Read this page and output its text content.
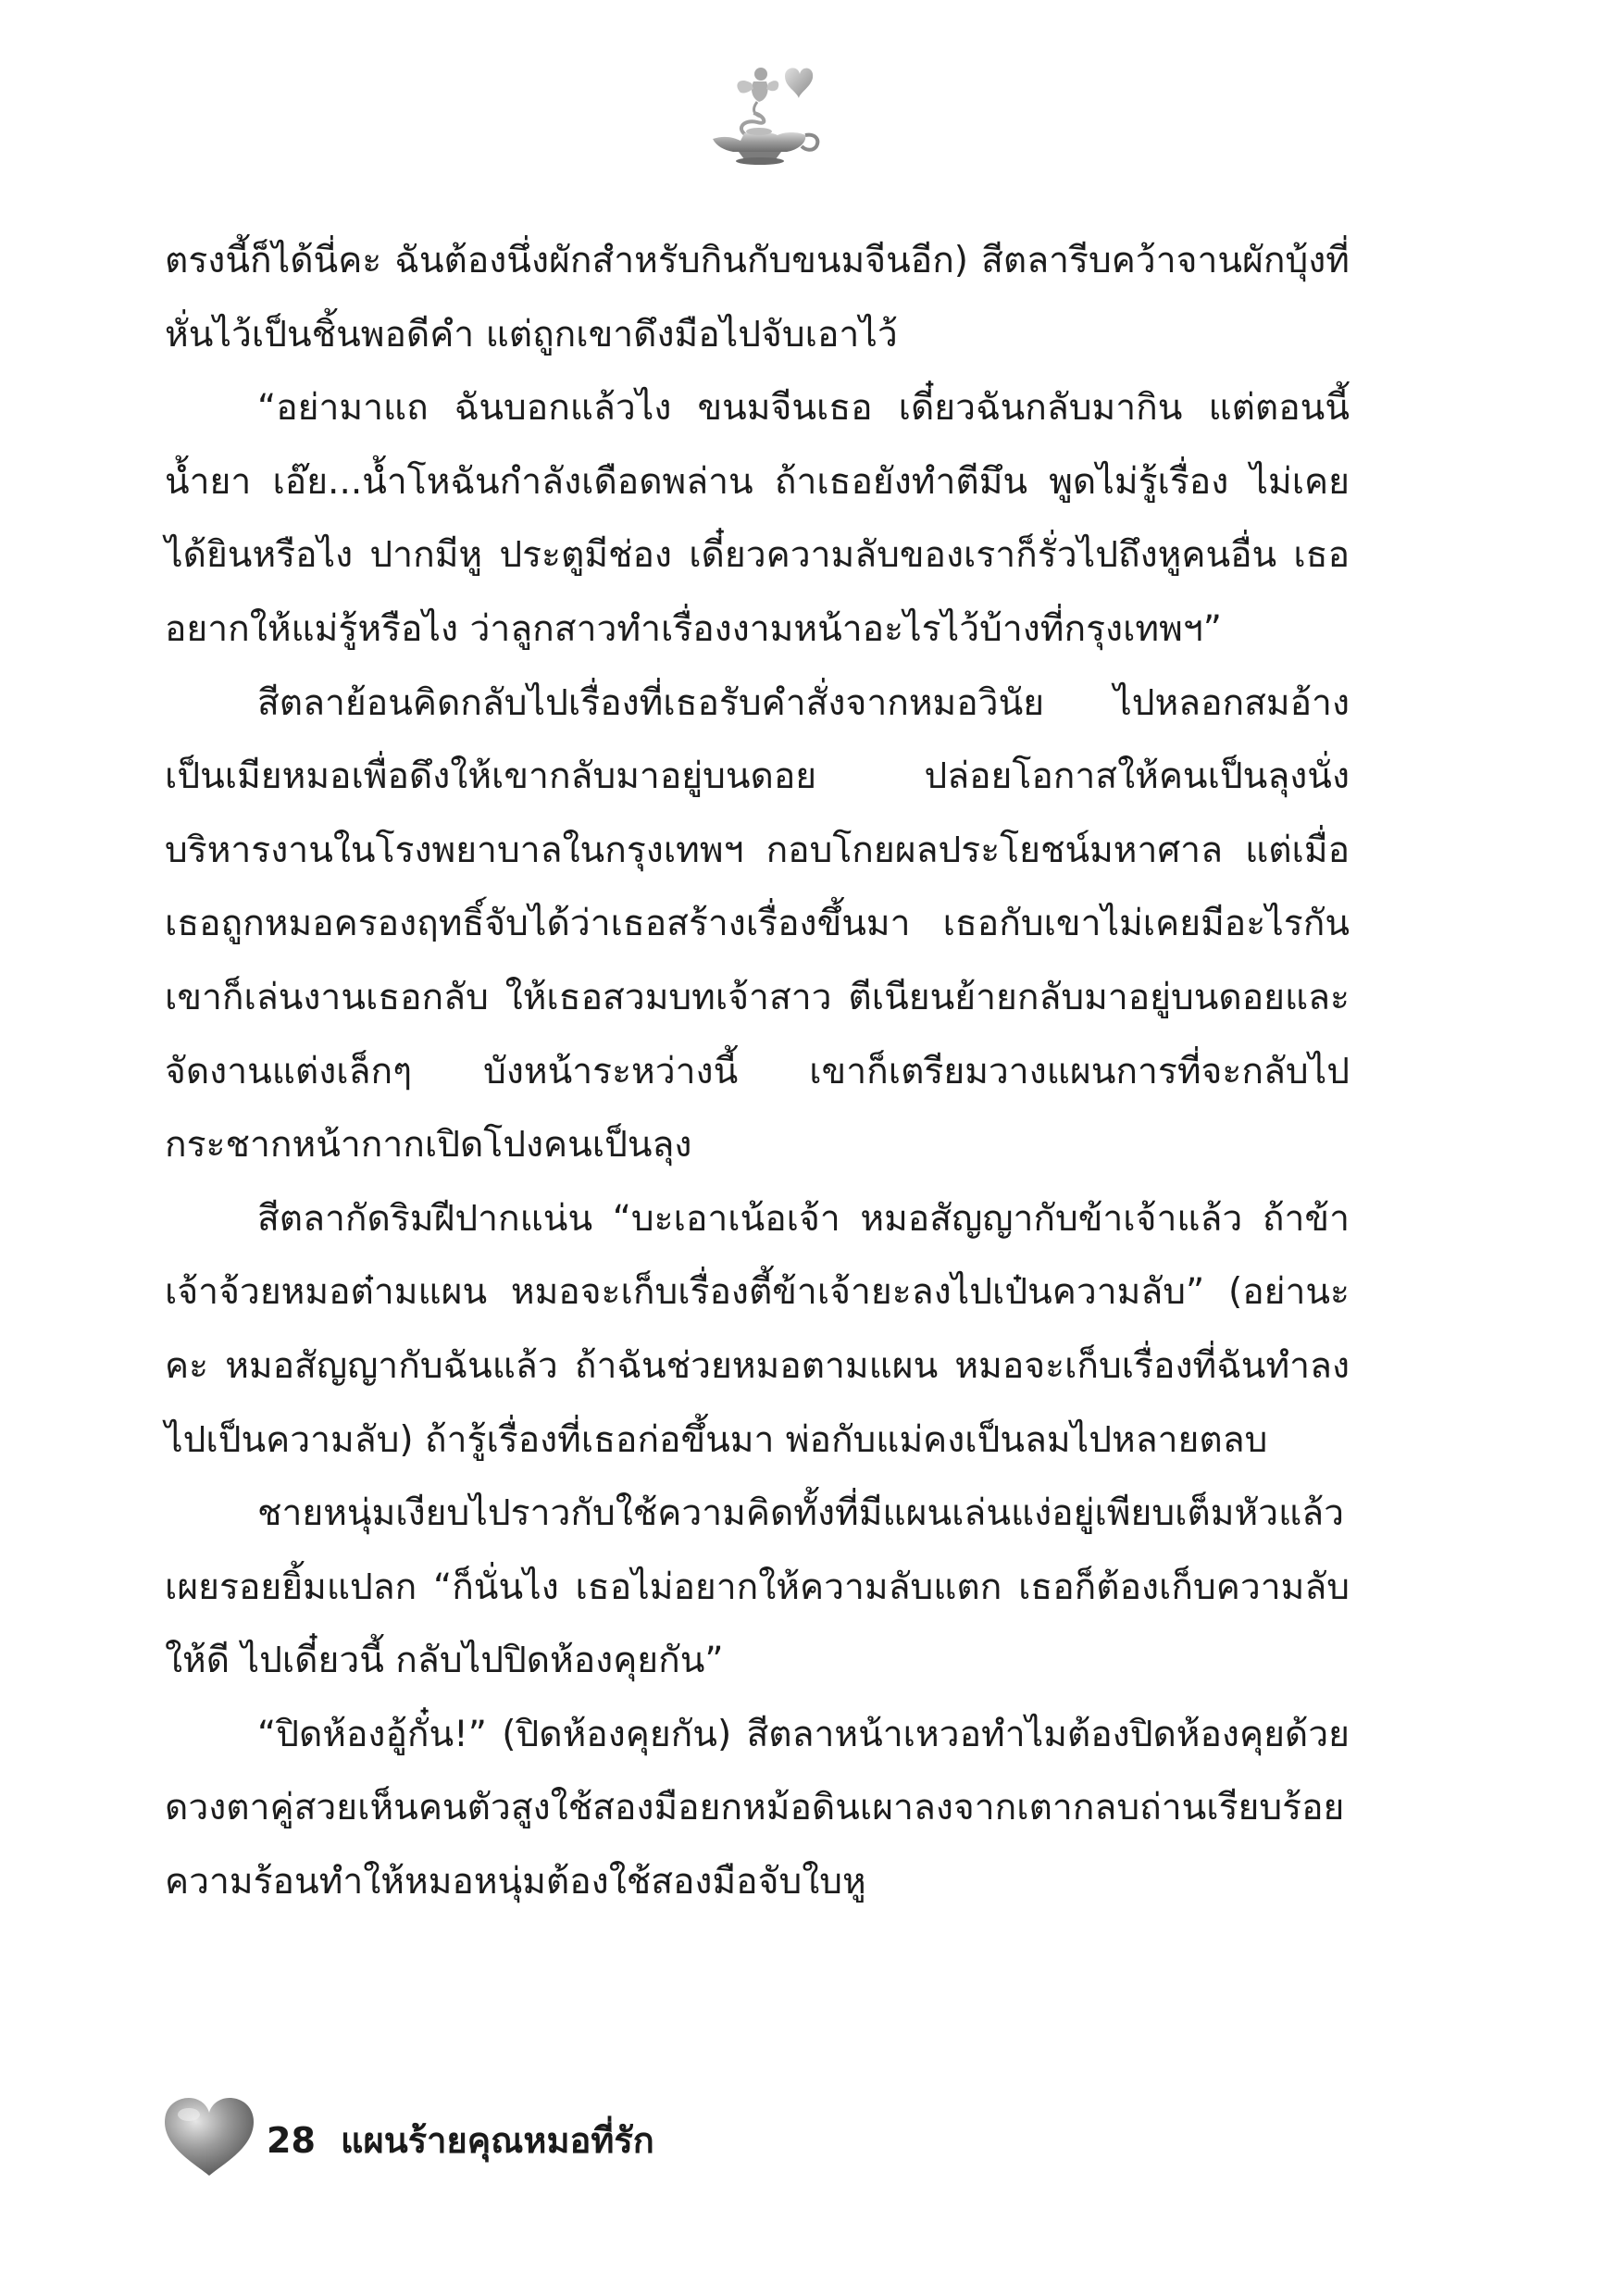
ตรงนี้ก็ได้นี่คะ ฉันต้องนึ่งผักสำหรับกินกับขนมจีนอีก) สีตลารีบคว้าจานผักบุ้งที่หั่นไว้เป็นชิ้นพอดีคำ แต่ถูกเขาดึงมือไปจับเอาไว้

“อย่ามาแถ ฉันบอกแล้วไง ขนมจีนเธอ เดี๋ยวฉันกลับมากิน แต่ตอนนี้ น้ำยา เอ๊ย...น้ำโหฉันกำลังเดือดพล่าน ถ้าเธอยังทำตีมึน พูดไม่รู้เรื่อง ไม่เคยได้ยินหรือไง ปากมีหู ประตูมีช่อง เดี๋ยวความลับของเราก็รั่วไปถึงหูคนอื่น เธออยากให้แม่รู้หรือไง ว่าลูกสาวทำเรื่องงามหน้าอะไรไว้บ้างที่กรุงเทพฯ”

สีตลาย้อนคิดกลับไปเรื่องที่เธอรับคำสั่งจากหมอวินัย ไปหลอกสมอ้างเป็นเมียหมอเพื่อดึงให้เขากลับมาอยู่บนดอย ปล่อยโอกาสให้คนเป็นลุงนั่งบริหารงานในโรงพยาบาลในกรุงเทพฯ กอบโกยผลประโยชน์มหาศาล แต่เมื่อเธอถูกหมอครองฤทธิ์จับได้ว่าเธอสร้างเรื่องขึ้นมา เธอกับเขาไม่เคยมีอะไรกัน เขาก็เล่นงานเธอกลับ ให้เธอสวมบทเจ้าสาว ตีเนียนย้ายกลับมาอยู่บนดอยและจัดงานแต่งเล็กๆ บังหน้าระหว่างนี้ เขาก็เตรียมวางแผนการที่จะกลับไปกระชากหน้ากากเปิดโปงคนเป็นลุง

สีตลากัดริมฝีปากแน่น “บะเอาเน้อเจ้า หมอสัญญากับข้าเจ้าแล้ว ถ้าข้าเจ้าจ้วยหมอต๋ามแผน หมอจะเก็บเรื่องตี้ข้าเจ้ายะลงไปเป๋นความลับ” (อย่านะคะ หมอสัญญากับฉันแล้ว ถ้าฉันช่วยหมอตามแผน หมอจะเก็บเรื่องที่ฉันทำลงไปเป็นความลับ) ถ้ารู้เรื่องที่เธอก่อขึ้นมา พ่อกับแม่คงเป็นลมไปหลายตลบ

ชายหนุ่มเงียบไปราวกับใช้ความคิดทั้งที่มีแผนเล่นแง่อยู่เพียบเต็มหัวแล้วเผยรอยยิ้มแปลก “ก็นั่นไง เธอไม่อยากให้ความลับแตก เธอก็ต้องเก็บความลับให้ดี ไปเดี๋ยวนี้ กลับไปปิดห้องคุยกัน”

“ปิดห้องอู้กั๋น!” (ปิดห้องคุยกัน) สีตลาหน้าเหวอทำไมต้องปิดห้องคุยด้วย ดวงตาคู่สวยเห็นคนตัวสูงใช้สองมือยกหม้อดินเผาลงจากเตากลบถ่านเรียบร้อย ความร้อนทำให้หมอหนุ่มต้องใช้สองมือจับใบหู

28 แผนร้ายคุณหมอที่รัก
